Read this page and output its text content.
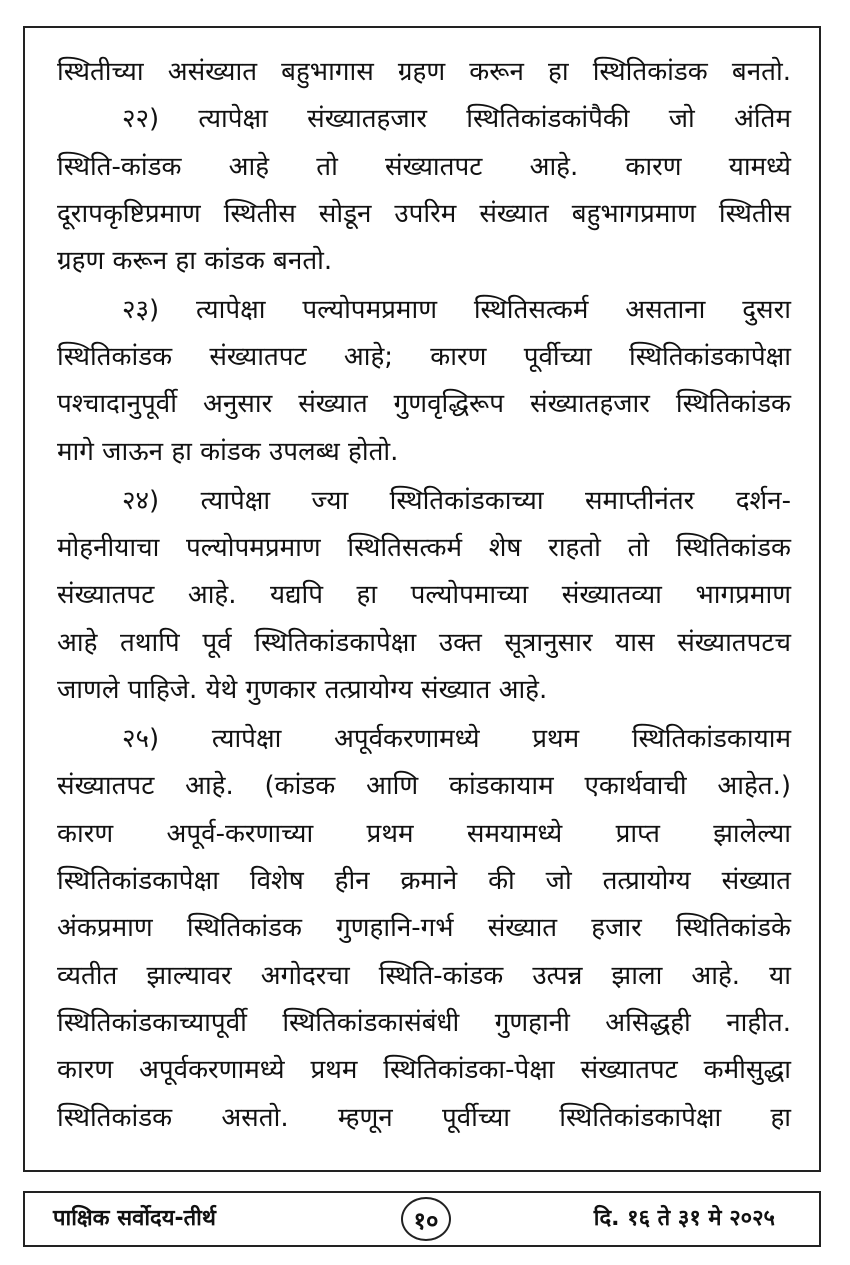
स्थितीच्या असंख्यात बहुभागास ग्रहण करून हा स्थितिकांडक बनतो.
२२) त्यापेक्षा संख्यातहजार स्थितिकांडकांपैकी जो अंतिम
स्थिति-कांडक आहे तो संख्यातपट आहे. कारण यामध्ये
दूरापकृष्टिप्रमाण स्थितीस सोडून उपरिम संख्यात बहुभागप्रमाण स्थितीस
ग्रहण करून हा कांडक बनतो.
२३) त्यापेक्षा पल्योपमप्रमाण स्थितिसत्कर्म असताना दुसरा
स्थितिकांडक संख्यातपट आहे; कारण पूर्वीच्या स्थितिकांडकापेक्षा
पश्चादानुपूर्वी अनुसार संख्यात गुणवृद्धिरूप संख्यातहजार स्थितिकांडक
मागे जाऊन हा कांडक उपलब्ध होतो.
२४) त्यापेक्षा ज्या स्थितिकांडकाच्या समाप्तीनंतर दर्शन-
मोहनीयाचा पल्योपमप्रमाण स्थितिसत्कर्म शेष राहतो तो स्थितिकांडक
संख्यातपट आहे. यद्यपि हा पल्योपमाच्या संख्यातव्या भागप्रमाण
आहे तथापि पूर्व स्थितिकांडकापेक्षा उक्त सूत्रानुसार यास संख्यातपटच
जाणले पाहिजे. येथे गुणकार तत्प्रायोग्य संख्यात आहे.
२५) त्यापेक्षा अपूर्वकरणामध्ये प्रथम स्थितिकांडकायाम
संख्यातपट आहे. (कांडक आणि कांडकायाम एकार्थवाची आहेत.)
कारण अपूर्व-करणाच्या प्रथम समयामध्ये प्राप्त झालेल्या
स्थितिकांडकापेक्षा विशेष हीन क्रमाने की जो तत्प्रायोग्य संख्यात
अंकप्रमाण स्थितिकांडक गुणहानि-गर्भ संख्यात हजार स्थितिकांडके
व्यतीत झाल्यावर अगोदरचा स्थिति-कांडक उत्पन्न झाला आहे. या
स्थितिकांडकाच्यापूर्वी स्थितिकांडकासंबंधी गुणहानी असिद्धही नाहीत.
कारण अपूर्वकरणामध्ये प्रथम स्थितिकांडका-पेक्षा संख्यातपट कमीसुद्धा
स्थितिकांडक असतो. म्हणून पूर्वीच्या स्थितिकांडकापेक्षा हा
पाक्षिक सर्वोदय-तीर्थ	१०	दि. १६ ते ३१ मे २०२५
